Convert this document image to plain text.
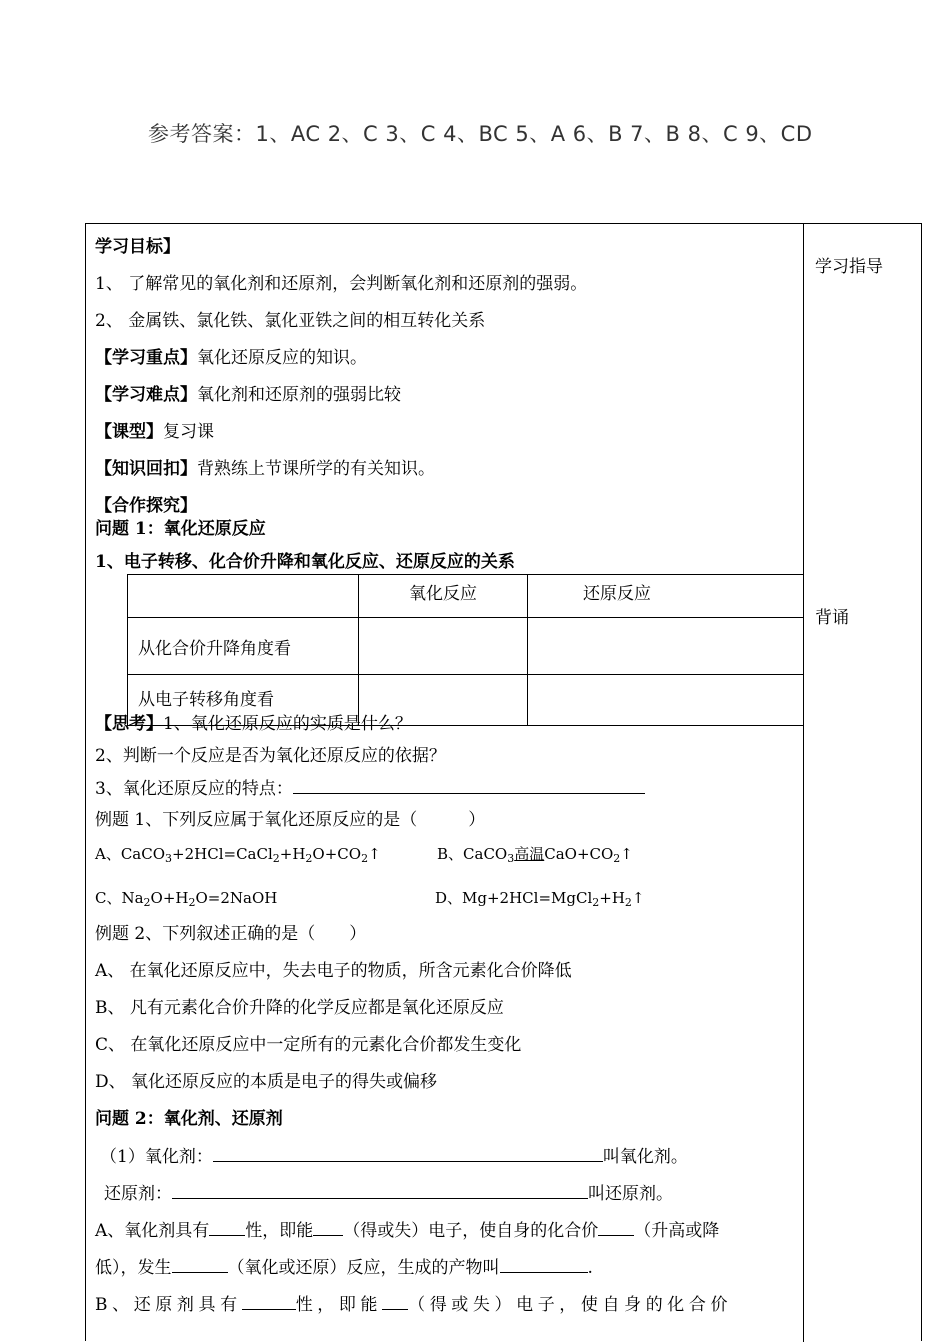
参考答案：1、AC 2、C 3、C 4、BC 5、A 6、B 7、B 8、C 9、CD
学习指导
背诵
学习目标】
1、 了解常见的氧化剂和还原剂，会判断氧化剂和还原剂的强弱。
2、 金属铁、氯化铁、氯化亚铁之间的相互转化关系
【学习重点】氧化还原反应的知识。
【学习难点】氧化剂和还原剂的强弱比较
【课型】复习课
【知识回扣】背熟练上节课所学的有关知识。
【合作探究】
问题 1：氧化还原反应
1、电子转移、化合价升降和氧化反应、还原反应的关系
	氧化反应	还原反应
从化合价升降角度看		
从电子转移角度看		
【思考】1、氧化还原反应的实质是什么？
2、判断一个反应是否为氧化还原反应的依据？
3、氧化还原反应的特点：
例题 1、下列反应属于氧化还原反应的是（　　　）
A、$CaCO_3+2HCl=CaCl_2+H_2O+CO_2↑$	B、CaCO$_3$高温$CaO+CO_2↑$
C、$Na_2O+H_2O=2NaOH$	D、$Mg+2HCl=MgCl_2+H_2↑$
例题 2、下列叙述正确的是（　　）
A、 在氧化还原反应中，失去电子的物质，所含元素化合价降低
B、 凡有元素化合价升降的化学反应都是氧化还原反应
C、 在氧化还原反应中一定所有的元素化合价都发生变化
D、 氧化还原反应的本质是电子的得失或偏移
问题 2：氧化剂、还原剂
（1）氧化剂：	叫氧化剂。
还原剂：	叫还原剂。
A、氧化剂具有 性，即能 （得或失）电子，使自身的化合价 （升高或降
低），发生	（氧化或还原）反应，生成的产物叫	.
B、还原剂具有	性，即能 （得或失）电子，使自身的化合价
